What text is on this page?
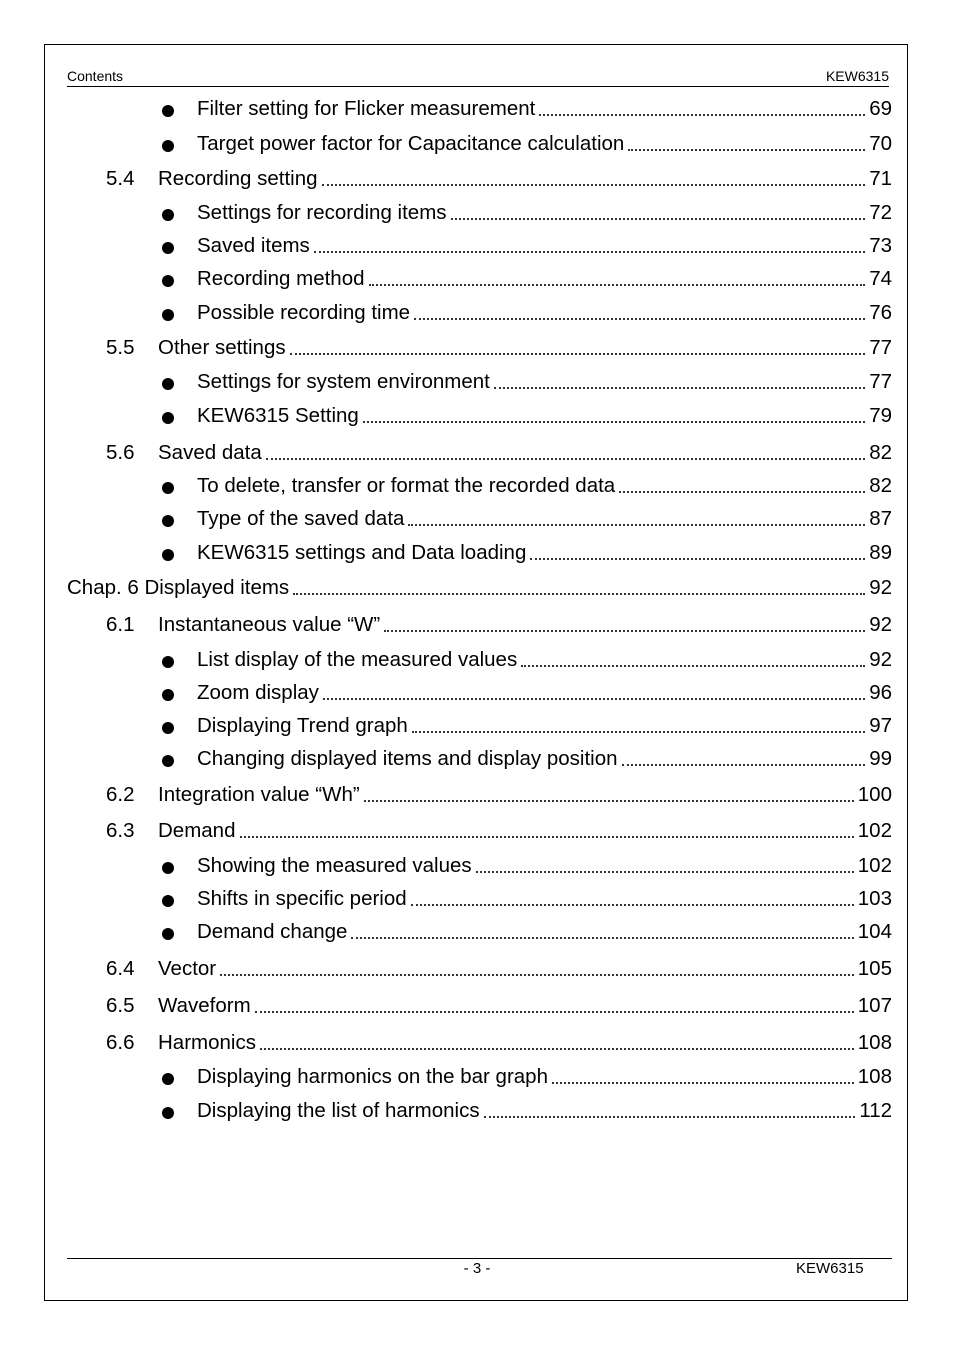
Contents	KEW6315
Filter setting for Flicker measurement	69
Target power factor for Capacitance calculation	70
5.4 Recording setting	71
Settings for recording items	72
Saved items	73
Recording method	74
Possible recording time	76
5.5 Other settings	77
Settings for system environment	77
KEW6315 Setting	79
5.6 Saved data	82
To delete, transfer or format the recorded data	82
Type of the saved data	87
KEW6315 settings and Data loading	89
Chap. 6 Displayed items	92
6.1 Instantaneous value “W”	92
List display of the measured values	92
Zoom display	96
Displaying Trend graph	97
Changing displayed items and display position	99
6.2 Integration value “Wh”	100
6.3 Demand	102
Showing the measured values	102
Shifts in specific period	103
Demand change	104
6.4 Vector	105
6.5 Waveform	107
6.6 Harmonics	108
Displaying harmonics on the bar graph	108
Displaying the list of harmonics	112
- 3 -	KEW6315
